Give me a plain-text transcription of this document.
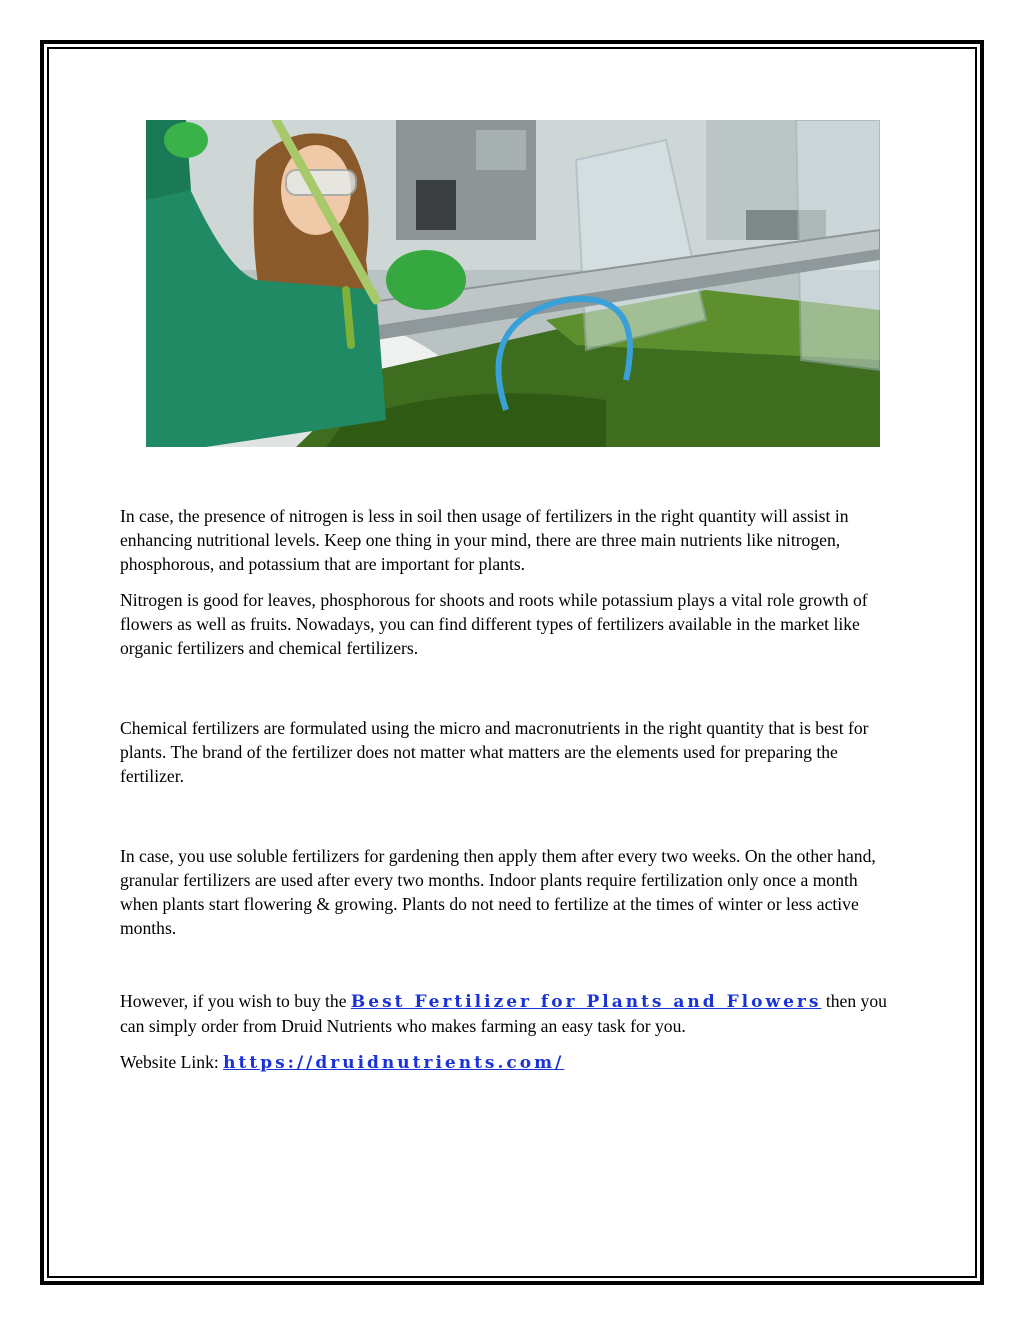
In case, the presence of nitrogen is less in soil then usage of fertilizers in the right quantity will assist in enhancing nutritional levels. Keep one thing in your mind, there are three main nutrients like nitrogen, phosphorous, and potassium that are important for plants.

Nitrogen is good for leaves, phosphorous for shoots and roots while potassium plays a vital role growth of flowers as well as fruits. Nowadays, you can find different types of fertilizers available in the market like organic fertilizers and chemical fertilizers.

Chemical fertilizers are formulated using the micro and macronutrients in the right quantity that is best for plants. The brand of the fertilizer does not matter what matters are the elements used for preparing the fertilizer.

In case, you use soluble fertilizers for gardening then apply them after every two weeks. On the other hand, granular fertilizers are used after every two months. Indoor plants require fertilization only once a month when plants start flowering & growing. Plants do not need to fertilize at the times of winter or less active months.

However, if you wish to buy the Best Fertilizer for Plants and Flowers then you can simply order from Druid Nutrients who makes farming an easy task for you.

Website Link: https://druidnutrients.com/
